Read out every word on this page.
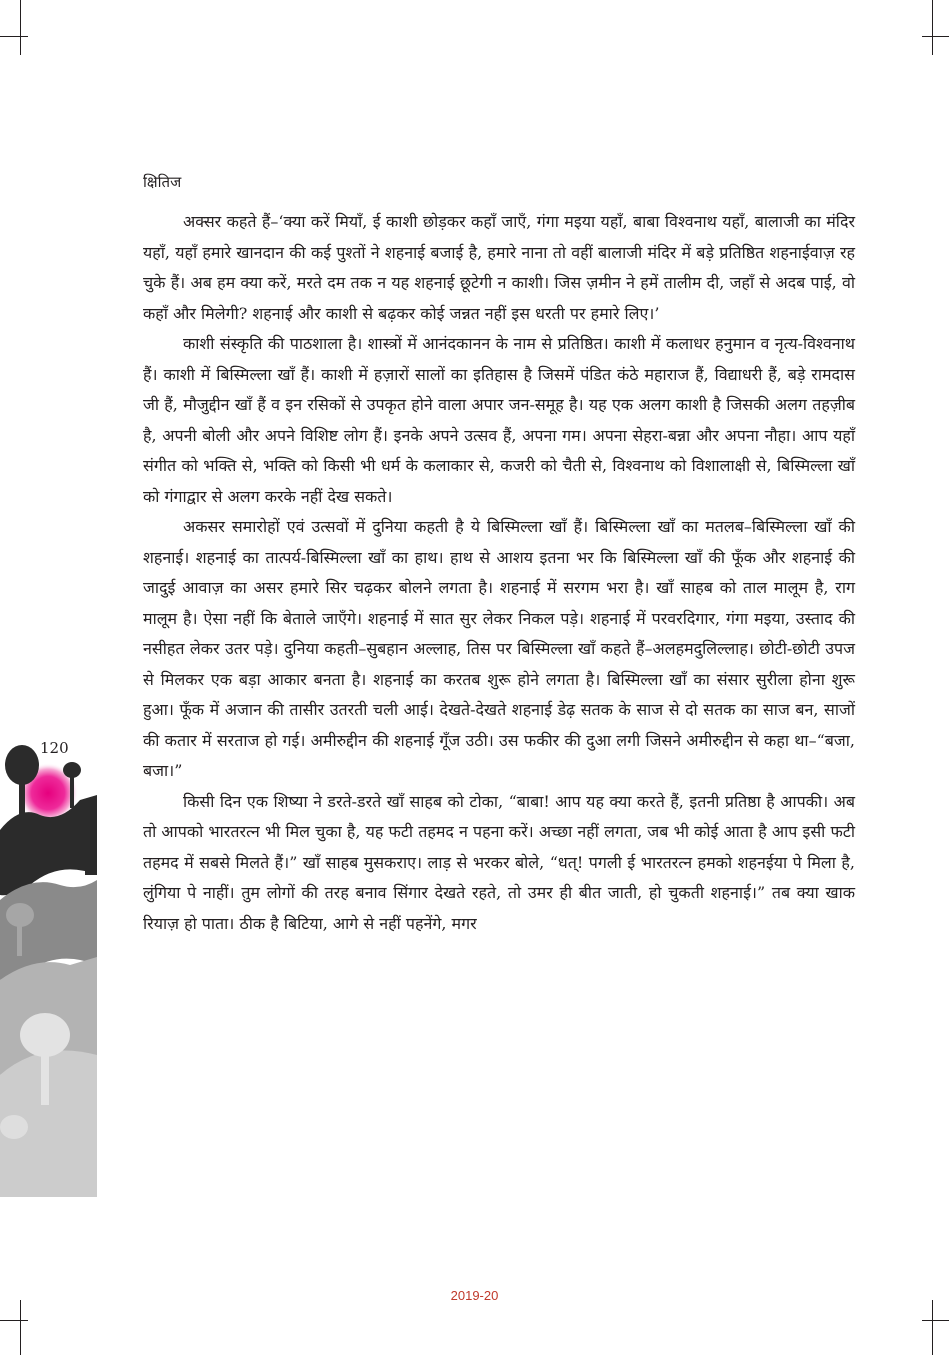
क्षितिज
120

अक्सर कहते हैं–‘क्या करें मियाँ, ई काशी छोड़कर कहाँ जाएँ, गंगा मइया यहाँ, बाबा विश्वनाथ यहाँ, बालाजी का मंदिर यहाँ, यहाँ हमारे खानदान की कई पुश्तों ने शहनाई बजाई है, हमारे नाना तो वहीं बालाजी मंदिर में बड़े प्रतिष्ठित शहनाईवाज़ रह चुके हैं। अब हम क्या करें, मरते दम तक न यह शहनाई छूटेगी न काशी। जिस ज़मीन ने हमें तालीम दी, जहाँ से अदब पाई, वो कहाँ और मिलेगी? शहनाई और काशी से बढ़कर कोई जन्नत नहीं इस धरती पर हमारे लिए।’

काशी संस्कृति की पाठशाला है। शास्त्रों में आनंदकानन के नाम से प्रतिष्ठित। काशी में कलाधर हनुमान व नृत्य-विश्वनाथ हैं। काशी में बिस्मिल्ला खाँ हैं। काशी में हज़ारों सालों का इतिहास है जिसमें पंडित कंठे महाराज हैं, विद्याधरी हैं, बड़े रामदास जी हैं, मौजुद्दीन खाँ हैं व इन रसिकों से उपकृत होने वाला अपार जन-समूह है। यह एक अलग काशी है जिसकी अलग तहज़ीब है, अपनी बोली और अपने विशिष्ट लोग हैं। इनके अपने उत्सव हैं, अपना गम। अपना सेहरा-बन्ना और अपना नौहा। आप यहाँ संगीत को भक्ति से, भक्ति को किसी भी धर्म के कलाकार से, कजरी को चैती से, विश्वनाथ को विशालाक्षी से, बिस्मिल्ला खाँ को गंगाद्वार से अलग करके नहीं देख सकते।

अकसर समारोहों एवं उत्सवों में दुनिया कहती है ये बिस्मिल्ला खाँ हैं। बिस्मिल्ला खाँ का मतलब–बिस्मिल्ला खाँ की शहनाई। शहनाई का तात्पर्य-बिस्मिल्ला खाँ का हाथ। हाथ से आशय इतना भर कि बिस्मिल्ला खाँ की फूँक और शहनाई की जादुई आवाज़ का असर हमारे सिर चढ़कर बोलने लगता है। शहनाई में सरगम भरा है। खाँ साहब को ताल मालूम है, राग मालूम है। ऐसा नहीं कि बेताले जाएँगे। शहनाई में सात सुर लेकर निकल पड़े। शहनाई में परवरदिगार, गंगा मइया, उस्ताद की नसीहत लेकर उतर पड़े। दुनिया कहती–सुबहान अल्लाह, तिस पर बिस्मिल्ला खाँ कहते हैं–अलहमदुलिल्लाह। छोटी-छोटी उपज से मिलकर एक बड़ा आकार बनता है। शहनाई का करतब शुरू होने लगता है। बिस्मिल्ला खाँ का संसार सुरीला होना शुरू हुआ। फूँक में अजान की तासीर उतरती चली आई। देखते-देखते शहनाई डेढ़ सतक के साज से दो सतक का साज बन, साजों की कतार में सरताज हो गई। अमीरुद्दीन की शहनाई गूँज उठी। उस फकीर की दुआ लगी जिसने अमीरुद्दीन से कहा था–“बजा, बजा।”

किसी दिन एक शिष्या ने डरते-डरते खाँ साहब को टोका, “बाबा! आप यह क्या करते हैं, इतनी प्रतिष्ठा है आपकी। अब तो आपको भारतरत्न भी मिल चुका है, यह फटी तहमद न पहना करें। अच्छा नहीं लगता, जब भी कोई आता है आप इसी फटी तहमद में सबसे मिलते हैं।” खाँ साहब मुसकराए। लाड़ से भरकर बोले, “धत्! पगली ई भारतरत्न हमको शहनईया पे मिला है, लुंगिया पे नाहीं। तुम लोगों की तरह बनाव सिंगार देखते रहते, तो उमर ही बीत जाती, हो चुकती शहनाई।” तब क्या खाक रियाज़ हो पाता। ठीक है बिटिया, आगे से नहीं पहनेंगे, मगर

2019-20
